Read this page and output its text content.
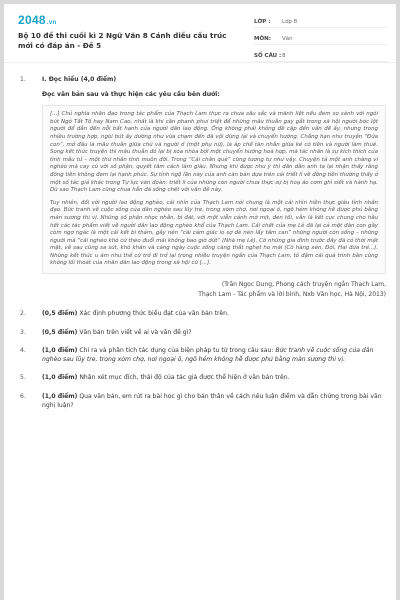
2048.vn
Bộ 10 đề thi cuối kì 2 Ngữ Văn 8 Cánh diều cấu trúc mới có đáp án - Đề 5
LỚP :	Lớp 8
MÔN:	Văn
SỐ CÂU : 8
1.	I. Đọc hiểu (4,0 điểm)
Đọc văn bản sau và thực hiện các yêu cầu bên dưới:

[...] Chủ nghĩa nhân đạo trong tác phẩm của Thạch Lam thực ra chưa sâu sắc và mãnh liệt nếu đem so sánh với ngòi bút Ngô Tất Tố hay Nam Cao, nhất là khi cần phanh phui triệt để những mâu thuẫn gay gắt trong xã hội người bóc lột người để dẫn đến nỗi bất hạnh của người dân lao động. Ông không phải không đề cập đến vấn đề ấy, nhưng trong nhiều trường hợp, ngòi bút ấy dường như vừa chạm đến đã vội dừng lại và chuyển hướng. Chẳng hạn như truyện “Đứa con”, mở đầu là mâu thuẫn giữa chủ và người ở (một phụ nữ), là áp chế tàn nhẫn giữa kẻ có tiền và người làm thuê. Song kết thúc truyện thì mâu thuẫn đó lại bị xóa nhòa bởi một chuyển hướng hoà hợp, mà tác nhân là sự kích thích của tình mẫu tử – một thứ nhân tính muôn đời. Trong “Cái chân què” cũng tương tự như vậy. Chuyện tả một anh chàng vì nghèo mà cay cú với số phận, quyết tâm cách làm giàu. Nhưng khi được như ý thì dần dần anh ta lại nhận thấy rằng đồng tiền không đem lại hạnh phúc. Sự tỉnh ngộ lần này của anh càn bản dựa trên cái triết lí về đồng tiền thường thấy ở một số tác giả khác trong Tự lực văn đoàn: triết lí của những con người chưa thực sự bị hoạ áo cơm ghì siết và hành hạ. Dù sao Thạch Lam cũng chưa hẳn đã sống chết với vấn đề này.

Tuy nhiên, đối với người lao động nghèo, cái nhìn của Thạch Lam nói chung là một cái nhìn hiền thực giàu tình nhân đạo. Bức tranh về cuộc sống của dân nghèo sau lũy tre, trong xóm chợ, nơi ngoại ô, ngõ hẻm không hề được phủ bằng màn sương thi vị. Những số phận nhọc nhằn, bi đát, với một viễn cảnh mờ mịt, đen tối, vẫn là kết cục chung cho hầu hết các tác phẩm viết về người dân lao động nghèo khổ của Thạch Lam. Cái chết của mẹ Lê đã lại cả một đàn con gầy còm ngơ ngác là một cái kết bi thảm, gây nên “cái cảm giác lo sợ đè nén lấy tâm can” những người còn sống – những người mà “cái nghèo khó cứ theo đuổi mãi không bao giờ dứt” (Nhà mẹ Lê). Cô những gia đình trước đây đã có thời mặt mặt, về sau cũng sa sút, khó khăn và càng ngày cuộc sống càng thắt nghẹt ho mãi (Cô hàng xén, Đói, Hai đứa trẻ...). Những kết thúc u ám như thế cứ trở đi trở lại trong nhiều truyện ngắn của Thạch Lam, tô đậm cái quá trình bần cùng không lối thoát của nhân dân lao động trong xã hội cũ [...].

(Trần Ngọc Dung, Phong cách truyện ngắn Thạch Lam,
Thạch Lam - Tác phẩm và lời bình, Nxb Văn học, Hà Nội, 2013)
2.	(0,5 điểm) Xác định phương thức biểu đạt của văn bản trên.
3.	(0,5 điểm) Văn bản trên viết về ai và vấn đề gì?
4.	(1,0 điểm) Chỉ ra và phân tích tác dụng của biện pháp tu từ trong câu sau: Bức tranh về cuộc sống của dân nghèo sau lũy tre, trong xóm chợ, nơi ngoại ô, ngõ hẻm không hề được phủ bằng màn sương thi vị.
5.	(1,0 điểm) Nhận xét mục đích, thái độ của tác giả được thể hiện ở văn bản trên.
6.	(1,0 điểm) Qua văn bản, em rút ra bài học gì cho bản thân về cách nêu luận điểm và dẫn chứng trong bài văn nghị luận?
